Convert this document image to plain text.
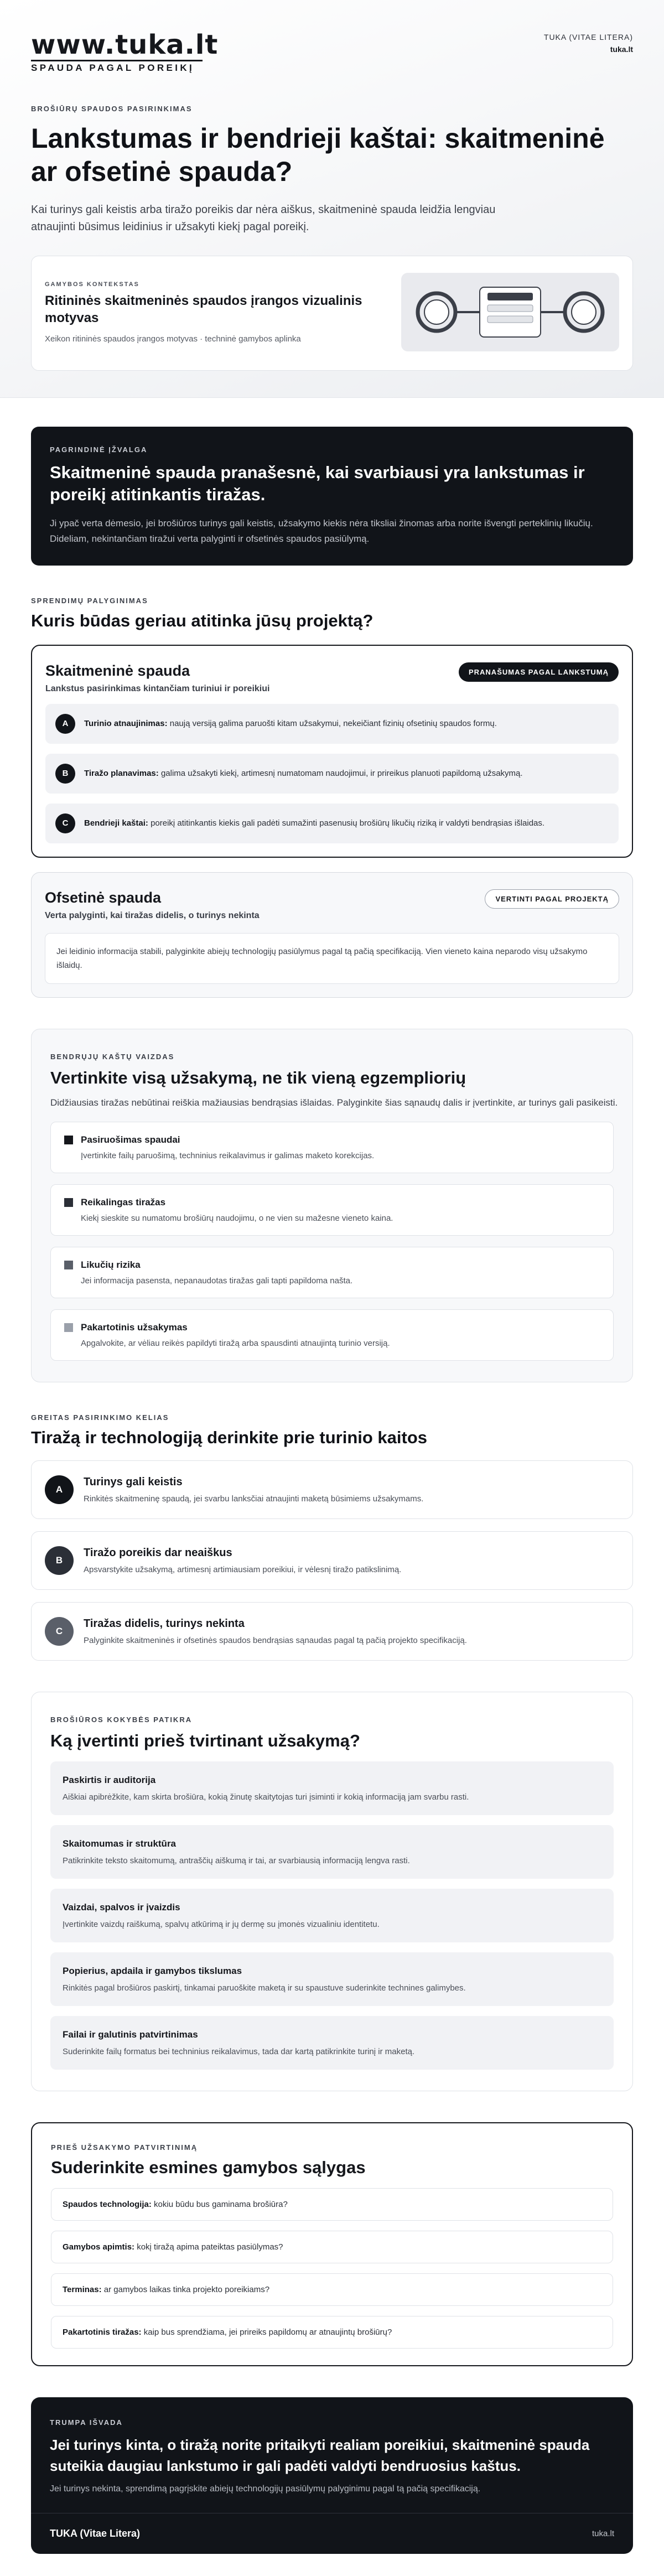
www.tuka.lt
SPAUDA PAGAL POREIKĮ
TUKA (VITAE LITERA)
tuka.lt
BROŠIŪRŲ SPAUDOS PASIRINKIMAS
Lankstumas ir bendrieji kaštai: skaitmeninė ar ofsetinė spauda?

Kai turinys gali keistis arba tiražo poreikis dar nėra aiškus, skaitmeninė spauda leidžia lengviau atnaujinti būsimus leidinius ir užsakyti kiekį pagal poreikį.

GAMYBOS KONTEKSTAS
Ritininės skaitmeninės spaudos įrangos vizualinis motyvas
Xeikon ritininės spaudos įrangos motyvas · techninė gamybos aplinka
PAGRINDINĖ ĮŽVALGA
Skaitmeninė spauda pranašesnė, kai svarbiausi yra lankstumas ir poreikį atitinkantis tiražas.

Ji ypač verta dėmesio, jei brošiūros turinys gali keistis, užsakymo kiekis nėra tiksliai žinomas arba norite išvengti perteklinių likučių. Dideliam, nekintančiam tiražui verta palyginti ir ofsetinės spaudos pasiūlymą.

SPRENDIMŲ PALYGINIMAS
Kuris būdas geriau atitinka jūsų projektą?
Skaitmeninė spauda
Lankstus pasirinkimas kintančiam turiniui ir poreikiui
PRANAŠUMAS PAGAL LANKSTUMĄ
A	Turinio atnaujinimas: naują versiją galima paruošti kitam užsakymui, nekeičiant fizinių ofsetinių spaudos formų.
B	Tiražo planavimas: galima užsakyti kiekį, artimesnį numatomam naudojimui, ir prireikus planuoti papildomą užsakymą.
C	Bendrieji kaštai: poreikį atitinkantis kiekis gali padėti sumažinti pasenusių brošiūrų likučių riziką ir valdyti bendrąsias išlaidas.
Ofsetinė spauda
Verta palyginti, kai tiražas didelis, o turinys nekinta
VERTINTI PAGAL PROJEKTĄ
Jei leidinio informacija stabili, palyginkite abiejų technologijų pasiūlymus pagal tą pačią specifikaciją. Vien vieneto kaina neparodo visų užsakymo išlaidų.
BENDRŲJŲ KAŠTŲ VAIZDAS
Vertinkite visą užsakymą, ne tik vieną egzempliorių

Didžiausias tiražas nebūtinai reiškia mažiausias bendrąsias išlaidas. Palyginkite šias sąnaudų dalis ir įvertinkite, ar turinys gali pasikeisti.

Pasiruošimas spaudai
Įvertinkite failų paruošimą, techninius reikalavimus ir galimas maketo korekcijas.
Reikalingas tiražas
Kiekį sieskite su numatomu brošiūrų naudojimu, o ne vien su mažesne vieneto kaina.
Likučių rizika
Jei informacija pasensta, nepanaudotas tiražas gali tapti papildoma našta.
Pakartotinis užsakymas
Apgalvokite, ar vėliau reikės papildyti tiražą arba spausdinti atnaujintą turinio versiją.
GREITAS PASIRINKIMO KELIAS
Tiražą ir technologiją derinkite prie turinio kaitos
A
Turinys gali keistis
Rinkitės skaitmeninę spaudą, jei svarbu lanksčiai atnaujinti maketą būsimiems užsakymams.
B
Tiražo poreikis dar neaiškus
Apsvarstykite užsakymą, artimesnį artimiausiam poreikiui, ir vėlesnį tiražo patikslinimą.
C
Tiražas didelis, turinys nekinta
Palyginkite skaitmeninės ir ofsetinės spaudos bendrąsias sąnaudas pagal tą pačią projekto specifikaciją.
BROŠIŪROS KOKYBĖS PATIKRA
Ką įvertinti prieš tvirtinant užsakymą?
Paskirtis ir auditorija
Aiškiai apibrėžkite, kam skirta brošiūra, kokią žinutę skaitytojas turi įsiminti ir kokią informaciją jam svarbu rasti.
Skaitomumas ir struktūra
Patikrinkite teksto skaitomumą, antraščių aiškumą ir tai, ar svarbiausią informaciją lengva rasti.
Vaizdai, spalvos ir įvaizdis
Įvertinkite vaizdų raiškumą, spalvų atkūrimą ir jų dermę su įmonės vizualiniu identitetu.
Popierius, apdaila ir gamybos tikslumas
Rinkitės pagal brošiūros paskirtį, tinkamai paruoškite maketą ir su spaustuve suderinkite technines galimybes.
Failai ir galutinis patvirtinimas
Suderinkite failų formatus bei techninius reikalavimus, tada dar kartą patikrinkite turinį ir maketą.
PRIEŠ UŽSAKYMO PATVIRTINIMĄ
Suderinkite esmines gamybos sąlygas
Spaudos technologija: kokiu būdu bus gaminama brošiūra?
Gamybos apimtis: kokį tiražą apima pateiktas pasiūlymas?
Terminas: ar gamybos laikas tinka projekto poreikiams?
Pakartotinis tiražas: kaip bus sprendžiama, jei prireiks papildomų ar atnaujintų brošiūrų?
TRUMPA IŠVADA
Jei turinys kinta, o tiražą norite pritaikyti realiam poreikiui, skaitmeninė spauda suteikia daugiau lankstumo ir gali padėti valdyti bendruosius kaštus.

Jei turinys nekinta, sprendimą pagrįskite abiejų technologijų pasiūlymų palyginimu pagal tą pačią specifikaciją.

TUKA (Vitae Litera)	tuka.lt
